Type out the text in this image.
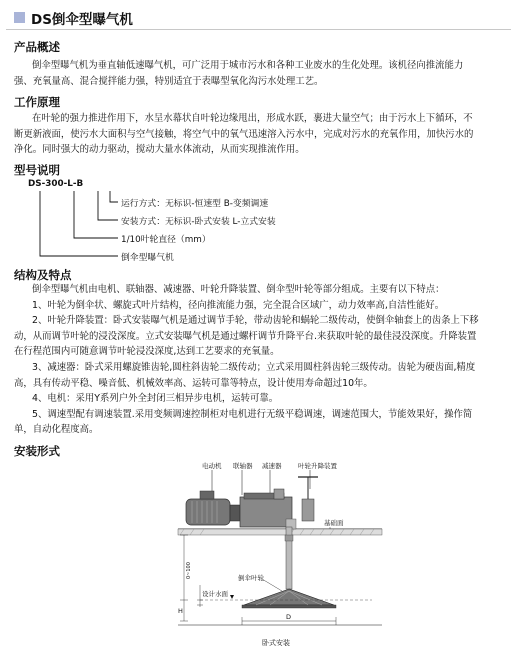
DS倒伞型曝气机
产品概述
倒伞型曝气机为垂直轴低速曝气机，可广泛用于城市污水和各种工业废水的生化处理。该机径向推流能力
强、充氧量高、混合搅拌能力强，特别适宜于表曝型氧化沟污水处理工艺。
工作原理
在叶轮的强力推进作用下，水呈水幕状自叶轮边缘甩出，形成水跃，裹进大量空气；由于污水上下循环，不
断更新液面，使污水大面积与空气接触，将空气中的氧气迅速溶入污水中，完成对污水的充氧作用，加快污水的
净化。同时强大的动力驱动，搅动大量水体流动，从而实现推流作用。
型号说明
DS-300-L-B
运行方式：无标识-恒速型 B-变频调速
安装方式：无标识-卧式安装 L-立式安装
1/10叶轮直径（mm）
倒伞型曝气机
结构及特点
倒伞型曝气机由电机、联轴器、减速器、叶轮升降装置、倒伞型叶轮等部分组成。主要有以下特点：
1、叶轮为倒伞状、螺旋式叶片结构，径向推流能力强，完全混合区域广，动力效率高,自洁性能好。
2、叶轮升降装置：卧式安装曝气机是通过调节手轮，带动齿轮和蜗轮二级传动，使倒伞轴套上的齿条上下移
动，从而调节叶轮的浸没深度。立式安装曝气机是通过螺杆调节升降平台.来获取叶轮的最佳浸没深度。升降装置
在行程范围内可随意调节叶轮浸没深度,达到工艺要求的充氧量。
3、减速器：卧式采用螺旋锥齿轮,圆柱斜齿轮二级传动；立式采用圆柱斜齿轮三级传动。齿轮为硬齿面,精度
高，具有传动平稳、噪音低、机械效率高、运转可靠等特点，设计使用寿命超过10年。
4、电机：采用Y系列户外全封闭三相异步电机，运转可靠。
5、调速型配有调速装置.采用变频调速控制柜对电机进行无级平稳调速，调速范围大，节能效果好，操作简
单，自动化程度高。
安装形式
电动机 联轴器 减速器	叶轮升降装置
基础面
倒伞叶轮
设计水面
H
0~100
D
卧式安装
